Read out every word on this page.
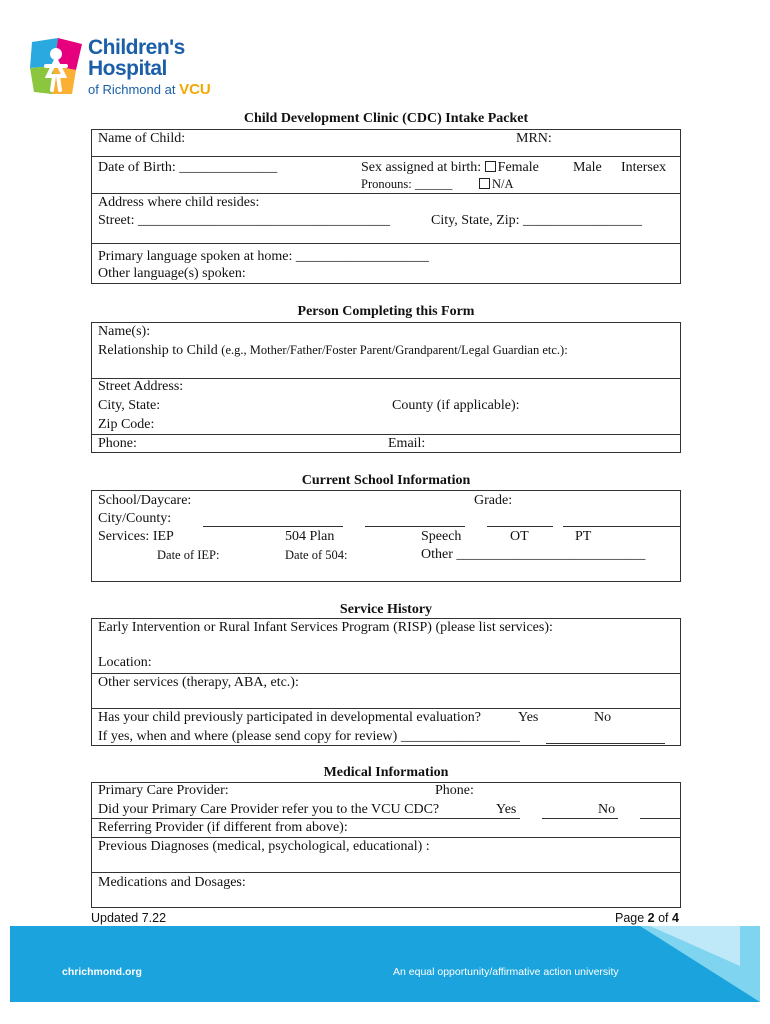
Children's
Hospital
of Richmond at VCU
Child Development Clinic (CDC) Intake Packet
Name of Child:	MRN:
Date of Birth: ______________	Sex assigned at birth: Female Male Intersex
Pronouns: ______	N/A
Address where child resides:
Street: ____________________________________	City, State, Zip: _________________
Primary language spoken at home: ___________________
Other language(s) spoken:
Person Completing this Form
Name(s):
Relationship to Child (e.g., Mother/Father/Foster Parent/Grandparent/Legal Guardian etc.):
Street Address:
City, State:	County (if applicable):
Zip Code:
Phone:	Email:
Current School Information
School/Daycare:	Grade:
City/County:
Services: IEP	504 Plan	Speech	OT	PT
Date of IEP:	Date of 504:	Other ___________________________
Service History
Early Intervention or Rural Infant Services Program (RISP) (please list services):
Location:
Other services (therapy, ABA, etc.):
Has your child previously participated in developmental evaluation?	Yes	No
If yes, when and where (please send copy for review) _________________
Medical Information
Primary Care Provider:	Phone:
Did your Primary Care Provider refer you to the VCU CDC?	Yes	No
Referring Provider (if different from above):
Previous Diagnoses (medical, psychological, educational) :
Medications and Dosages:
Updated 7.22	Page 2 of 4
chrichmond.org	An equal opportunity/affirmative action university
